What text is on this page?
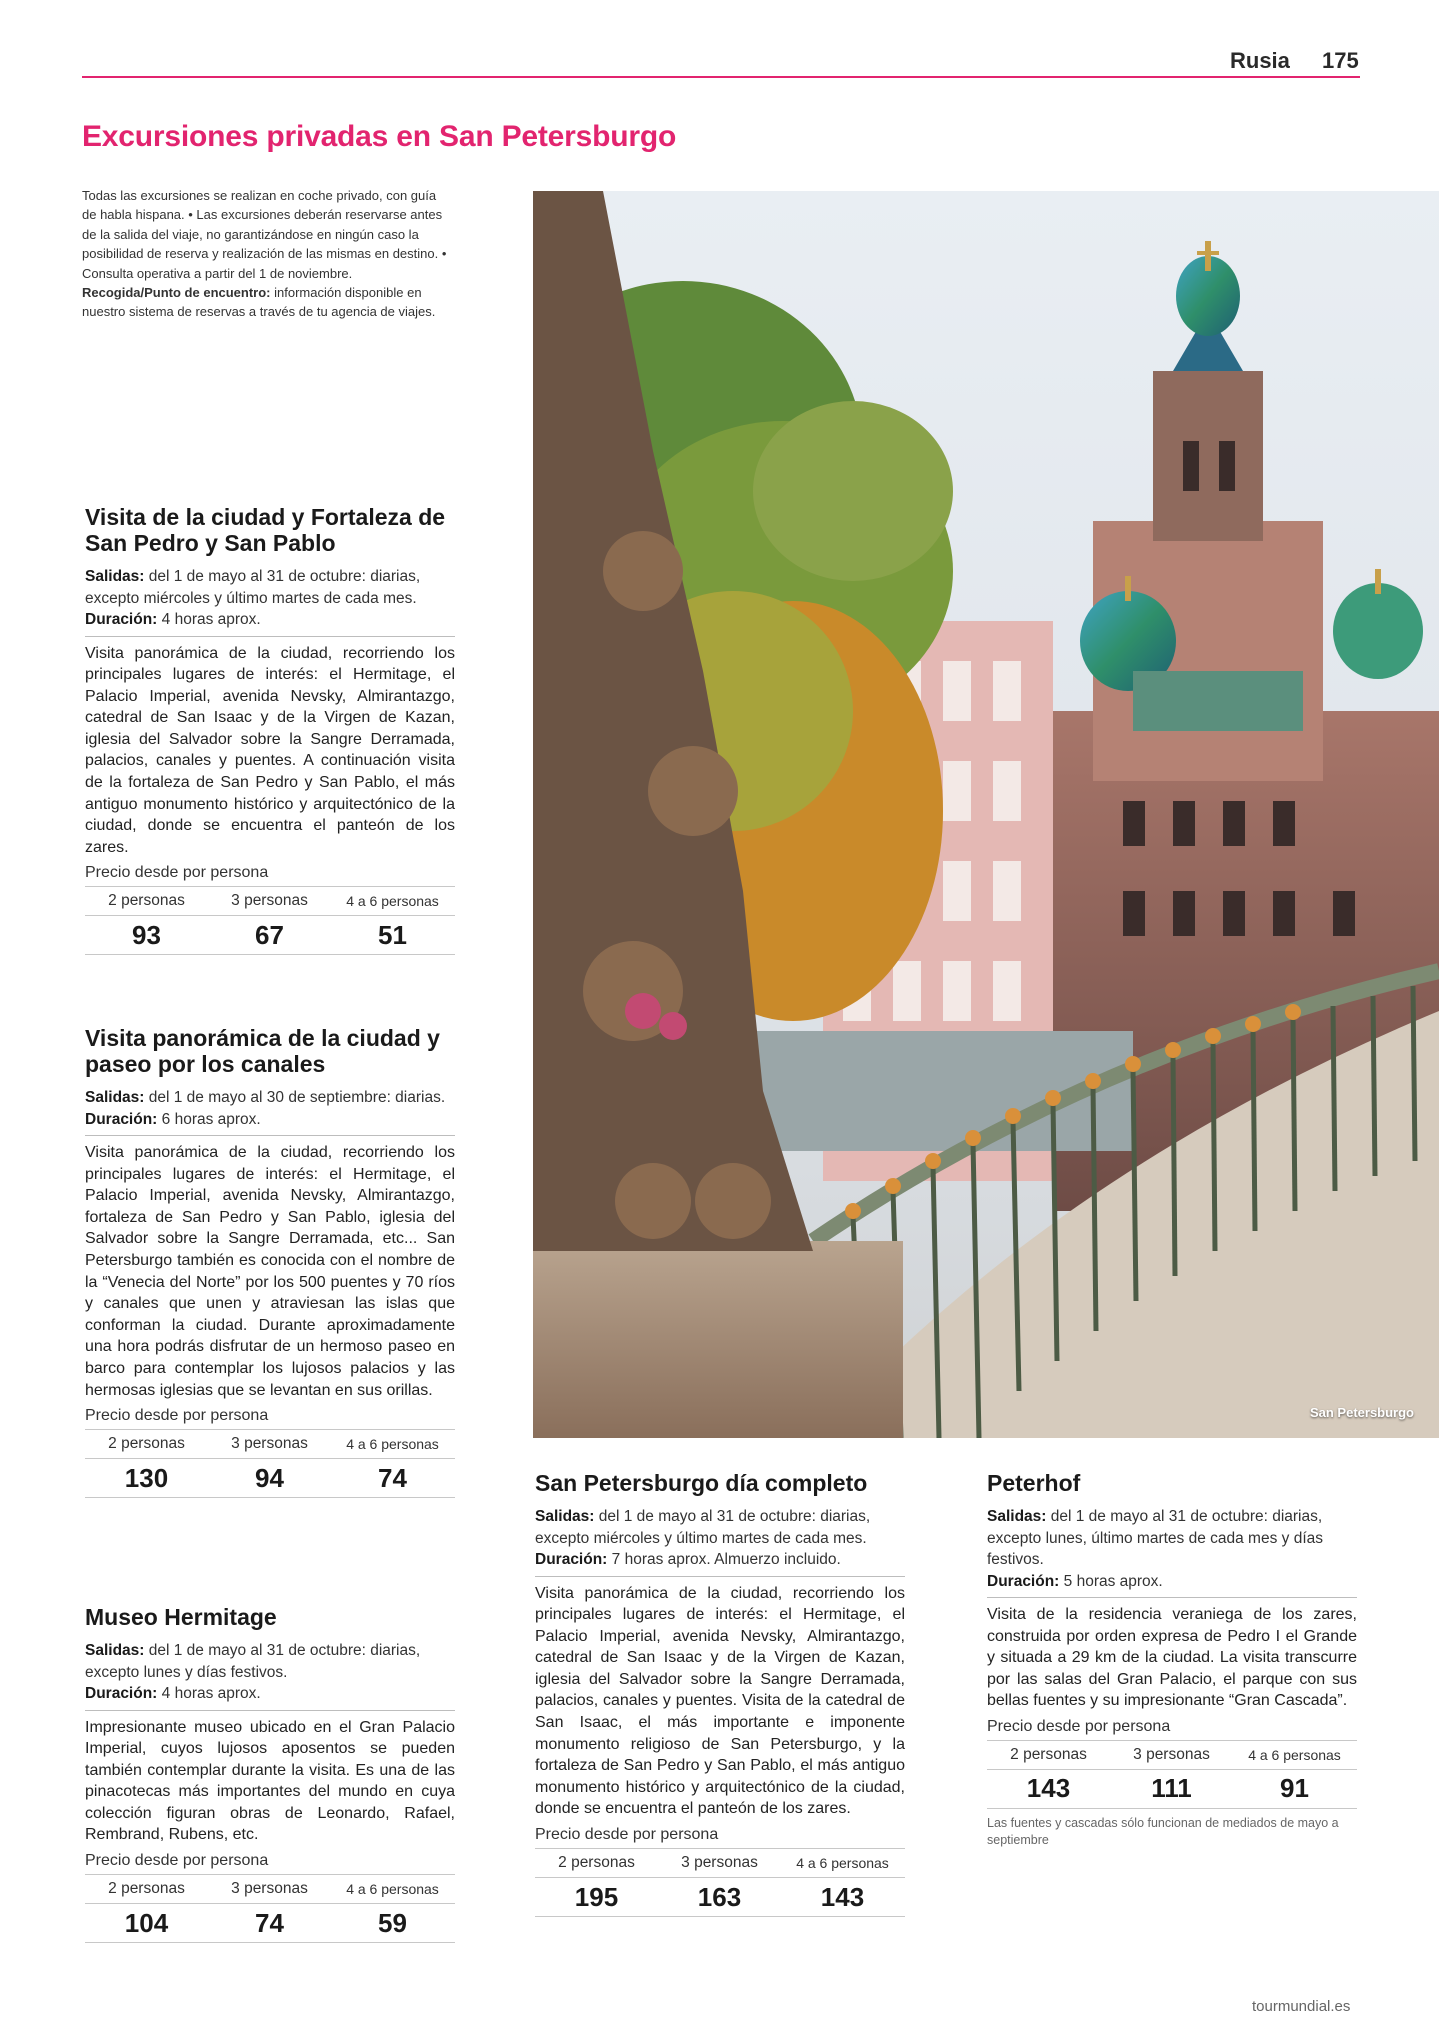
Rusia 175
Excursiones privadas en San Petersburgo
Todas las excursiones se realizan en coche privado, con guía de habla hispana. • Las excursiones deberán reservarse antes de la salida del viaje, no garantizándose en ningún caso la posibilidad de reserva y realización de las mismas en destino. • Consulta operativa a partir del 1 de noviembre.
Recogida/Punto de encuentro: información disponible en nuestro sistema de reservas a través de tu agencia de viajes.
Visita de la ciudad y Fortaleza de San Pedro y San Pablo
Salidas: del 1 de mayo al 31 de octubre: diarias, excepto miércoles y último martes de cada mes.
Duración: 4 horas aprox.
Visita panorámica de la ciudad, recorriendo los principales lugares de interés: el Hermitage, el Palacio Imperial, avenida Nevsky, Almirantazgo, catedral de San Isaac y de la Virgen de Kazan, iglesia del Salvador sobre la Sangre Derramada, palacios, canales y puentes. A continuación visita de la fortaleza de San Pedro y San Pablo, el más antiguo monumento histórico y arquitectónico de la ciudad, donde se encuentra el panteón de los zares.
Precio desde por persona
2 personas	3 personas	4 a 6 personas
93	67	51
Visita panorámica de la ciudad y paseo por los canales
Salidas: del 1 de mayo al 30 de septiembre: diarias.
Duración: 6 horas aprox.
Visita panorámica de la ciudad, recorriendo los principales lugares de interés: el Hermitage, el Palacio Imperial, avenida Nevsky, Almirantazgo, fortaleza de San Pedro y San Pablo, iglesia del Salvador sobre la Sangre Derramada, etc... San Petersburgo también es conocida con el nombre de la “Venecia del Norte” por los 500 puentes y 70 ríos y canales que unen y atraviesan las islas que conforman la ciudad. Durante aproximadamente una hora podrás disfrutar de un hermoso paseo en barco para contemplar los lujosos palacios y las hermosas iglesias que se levantan en sus orillas.
Precio desde por persona
2 personas	3 personas	4 a 6 personas
130	94	74
Museo Hermitage
Salidas: del 1 de mayo al 31 de octubre: diarias, excepto lunes y días festivos.
Duración: 4 horas aprox.
Impresionante museo ubicado en el Gran Palacio Imperial, cuyos lujosos aposentos se pueden también contemplar durante la visita. Es una de las pinacotecas más importantes del mundo en cuya colección figuran obras de Leonardo, Rafael, Rembrand, Rubens, etc.
Precio desde por persona
2 personas	3 personas	4 a 6 personas
104	74	59
San Petersburgo
San Petersburgo día completo
Salidas: del 1 de mayo al 31 de octubre: diarias, excepto miércoles y último martes de cada mes.
Duración: 7 horas aprox. Almuerzo incluido.
Visita panorámica de la ciudad, recorriendo los principales lugares de interés: el Hermitage, el Palacio Imperial, avenida Nevsky, Almirantazgo, catedral de San Isaac y de la Virgen de Kazan, iglesia del Salvador sobre la Sangre Derramada, palacios, canales y puentes. Visita de la catedral de San Isaac, el más importante e imponente monumento religioso de San Petersburgo, y la fortaleza de San Pedro y San Pablo, el más antiguo monumento histórico y arquitectónico de la ciudad, donde se encuentra el panteón de los zares.
Precio desde por persona
2 personas	3 personas	4 a 6 personas
195	163	143
Peterhof
Salidas: del 1 de mayo al 31 de octubre: diarias, excepto lunes, último martes de cada mes y días festivos.
Duración: 5 horas aprox.
Visita de la residencia veraniega de los zares, construida por orden expresa de Pedro I el Grande y situada a 29 km de la ciudad. La visita transcurre por las salas del Gran Palacio, el parque con sus bellas fuentes y su impresionante “Gran Cascada”.
Precio desde por persona
2 personas	3 personas	4 a 6 personas
143	111	91
Las fuentes y cascadas sólo funcionan de mediados de mayo a septiembre
tourmundial.es
